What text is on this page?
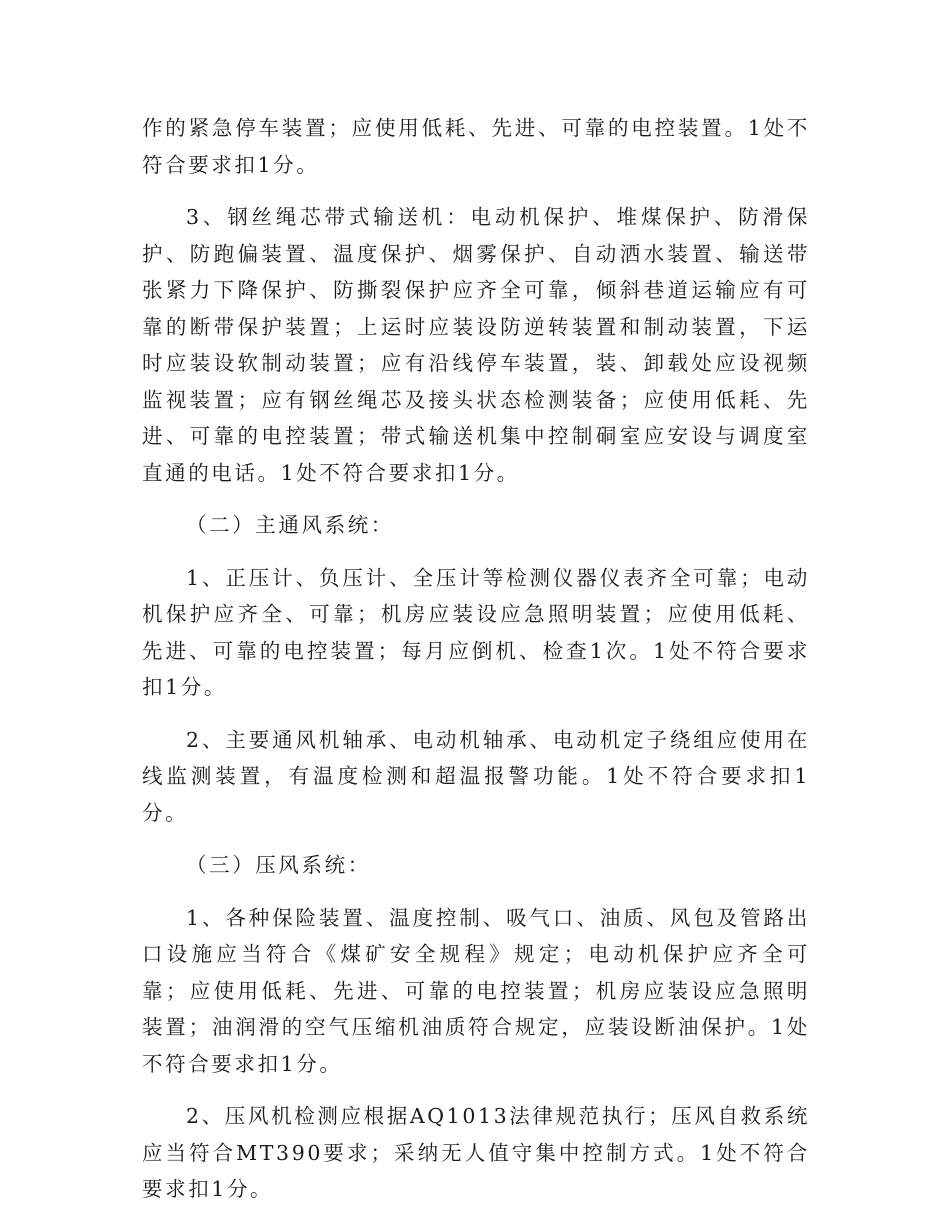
作的紧急停车装置；应使用低耗、先进、可靠的电控装置。1处不符合要求扣1分。

3、钢丝绳芯带式输送机：电动机保护、堆煤保护、防滑保护、防跑偏装置、温度保护、烟雾保护、自动洒水装置、输送带张紧力下降保护、防撕裂保护应齐全可靠，倾斜巷道运输应有可靠的断带保护装置；上运时应装设防逆转装置和制动装置，下运时应装设软制动装置；应有沿线停车装置，装、卸载处应设视频监视装置；应有钢丝绳芯及接头状态检测装备；应使用低耗、先进、可靠的电控装置；带式输送机集中控制硐室应安设与调度室直通的电话。1处不符合要求扣1分。

（二）主通风系统：

1、正压计、负压计、全压计等检测仪器仪表齐全可靠；电动机保护应齐全、可靠；机房应装设应急照明装置；应使用低耗、先进、可靠的电控装置；每月应倒机、检查1次。1处不符合要求扣1分。

2、主要通风机轴承、电动机轴承、电动机定子绕组应使用在线监测装置，有温度检测和超温报警功能。1处不符合要求扣1分。

（三）压风系统：

1、各种保险装置、温度控制、吸气口、油质、风包及管路出口设施应当符合《煤矿安全规程》规定；电动机保护应齐全可靠；应使用低耗、先进、可靠的电控装置；机房应装设应急照明装置；油润滑的空气压缩机油质符合规定，应装设断油保护。1处不符合要求扣1分。

2、压风机检测应根据AQ1013法律规范执行；压风自救系统应当符合MT390要求；采纳无人值守集中控制方式。1处不符合要求扣1分。
